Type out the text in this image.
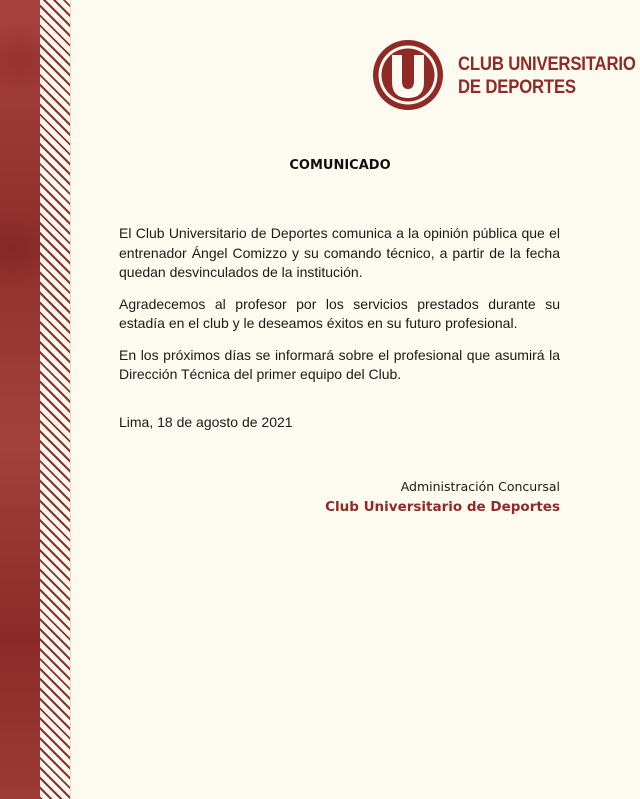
CLUB UNIVERSITARIO
DE DEPORTES
COMUNICADO

El Club Universitario de Deportes comunica a la opinión pública que el entrenador Ángel Comizzo y su comando técnico, a partir de la fecha quedan desvinculados de la institución.

Agradecemos al profesor por los servicios prestados durante su estadía en el club y le deseamos éxitos en su futuro profesional.

En los próximos días se informará sobre el profesional que asumirá la Dirección Técnica del primer equipo del Club.

Lima, 18 de agosto de 2021
Administración Concursal
Club Universitario de Deportes
